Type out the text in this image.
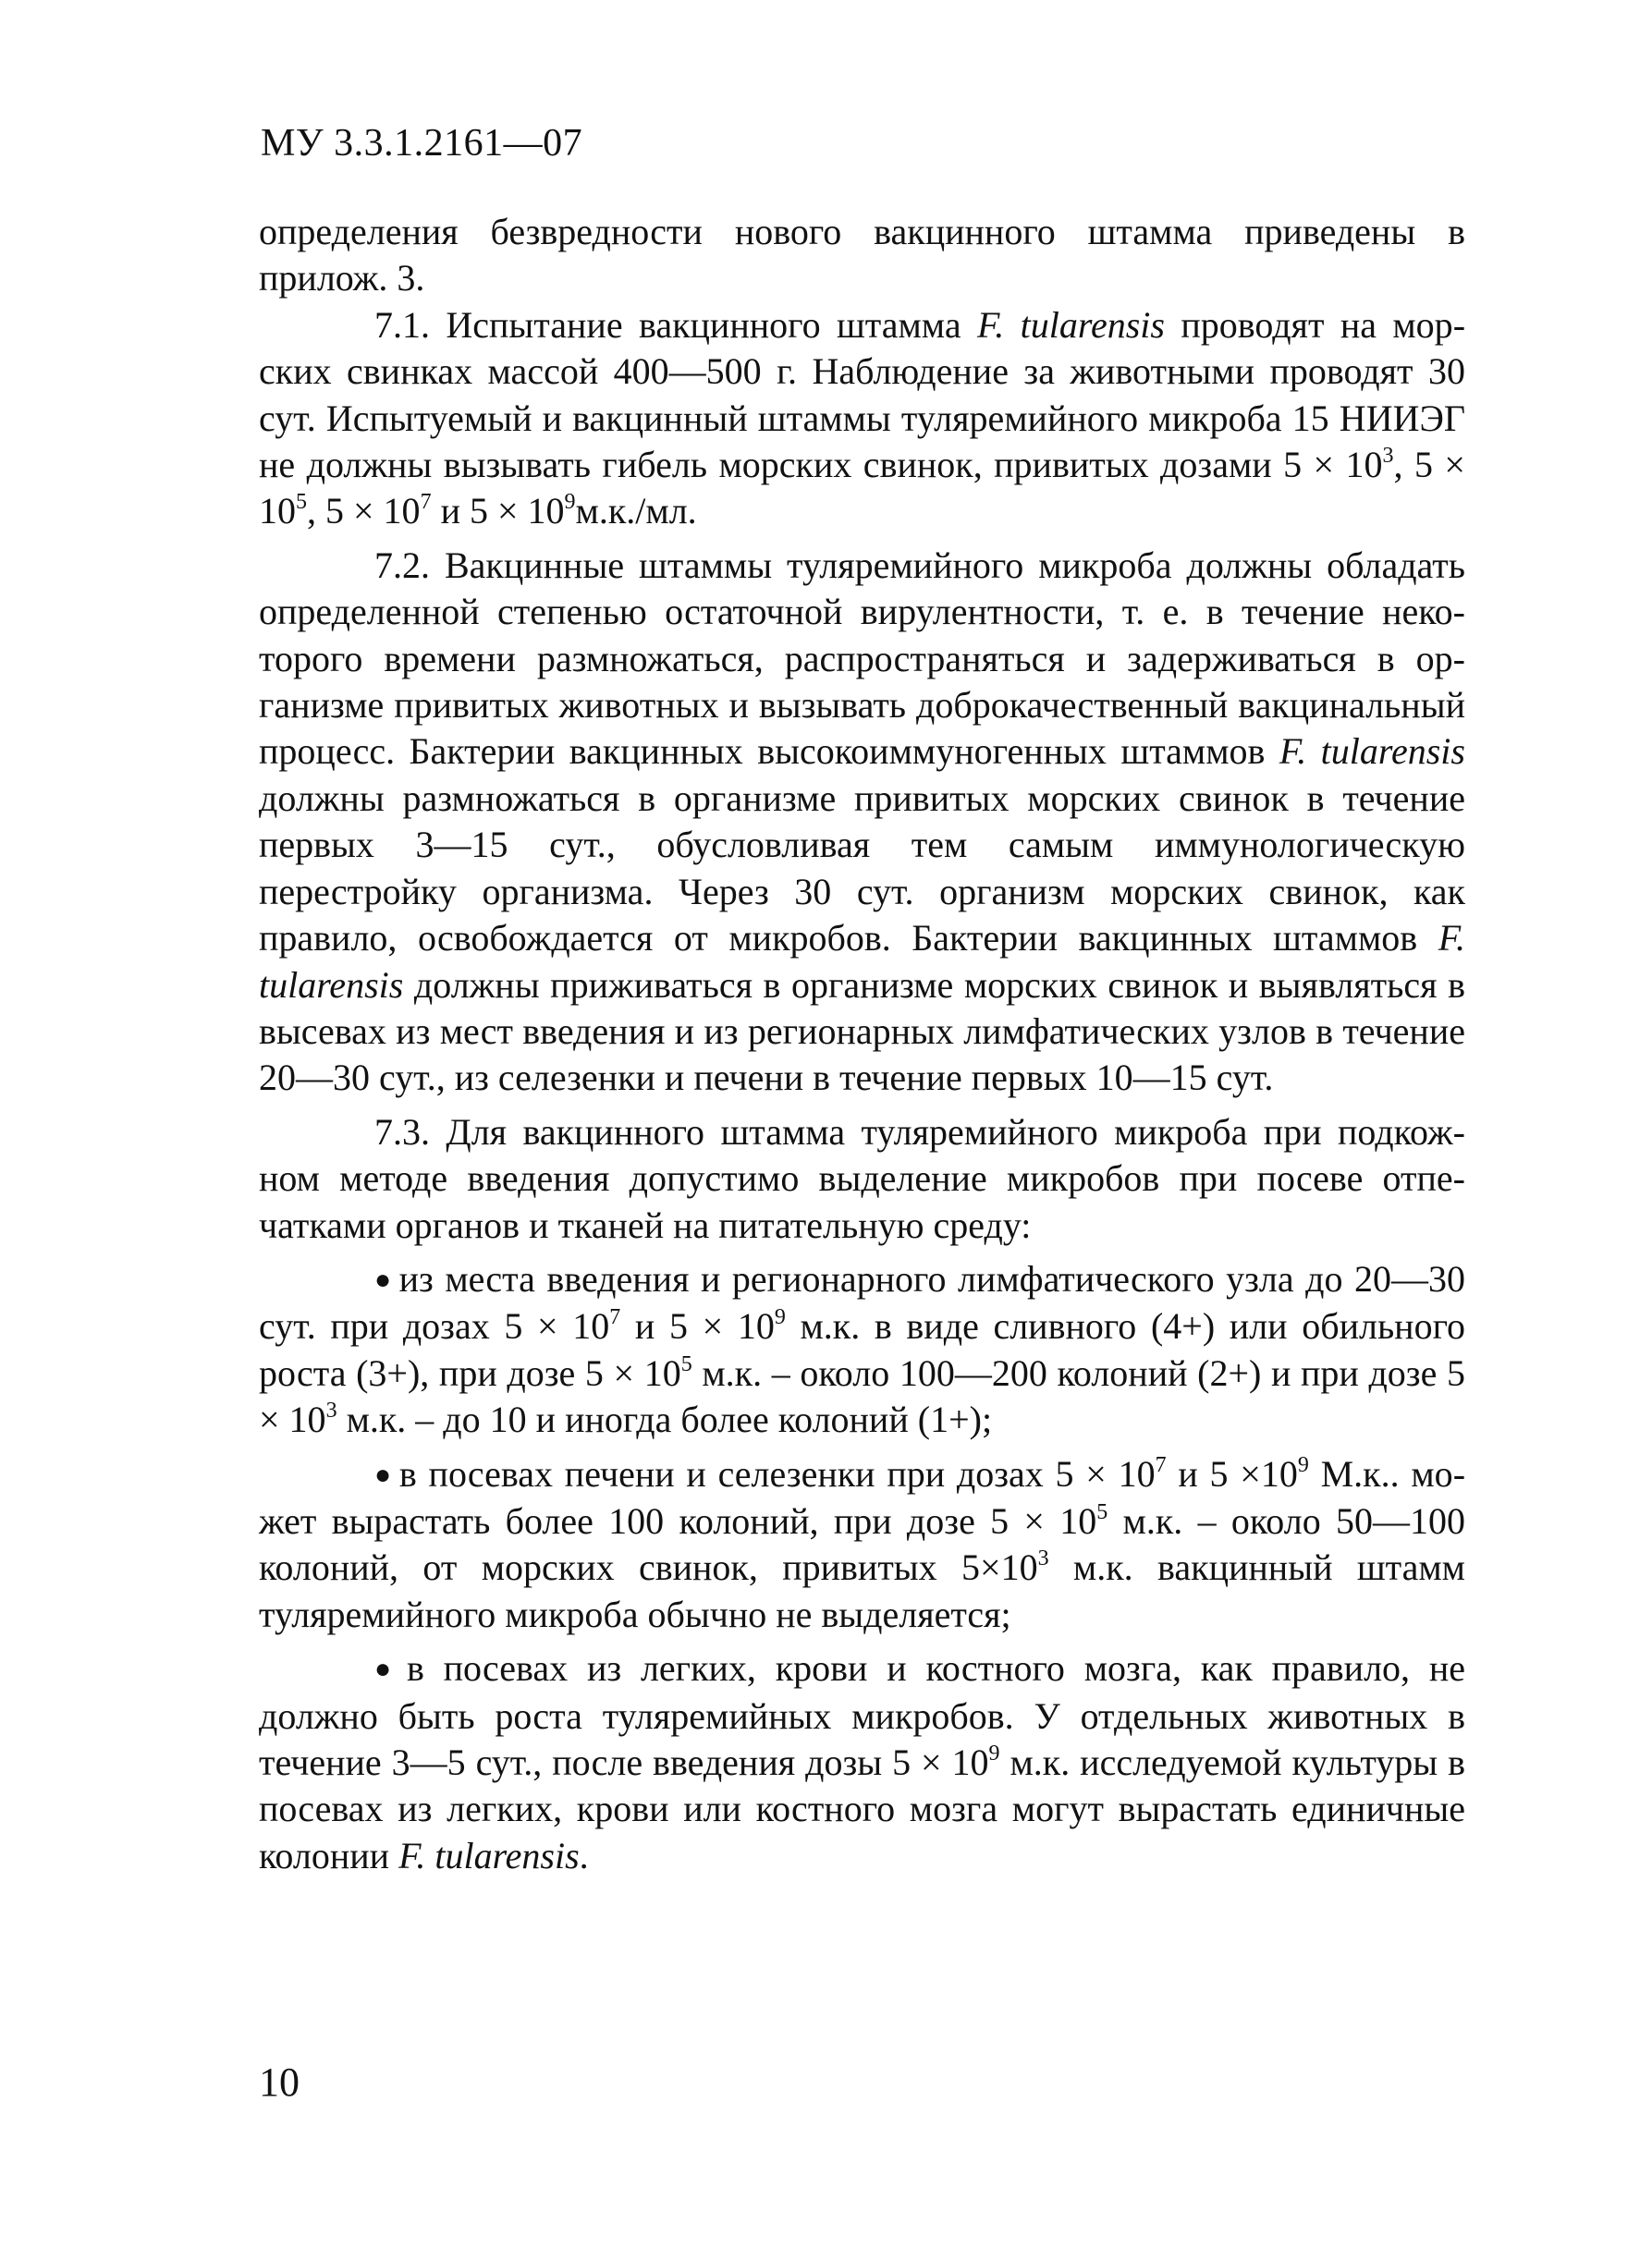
МУ 3.3.1.2161—07

определения безвредности нового вакцинного штамма приведены в прилож. 3.

7.1. Испытание вакцинного штамма F. tularensis проводят на морских свинках массой 400—500 г. Наблюдение за животными проводят 30 сут. Испытуемый и вакцинный штаммы туляремийного микроба 15 НИИЭГ не должны вызывать гибель морских свинок, привитых дозами $5 \times 10^3$, $5 \times 10^5$, $5 \times 10^7$ и $5 \times 10^9м.к./мл$.

7.2. Вакцинные штаммы туляремийного микроба должны обладать определенной степенью остаточной вирулентности, т. е. в течение некоторого времени размножаться, распространяться и задерживаться в организме привитых животных и вызывать доброкачественный вакцинальный процесс. Бактерии вакцинных высокоиммуногенных штаммов F. tularensis должны размножаться в организме привитых морских свинок в течение первых 3—15 сут., обусловливая тем самым иммунологическую перестройку организма. Через 30 сут. организм морских свинок, как правило, освобождается от микробов. Бактерии вакцинных штаммов F. tularensis должны приживаться в организме морских свинок и выявляться в высевах из мест введения и из регионарных лимфатических узлов в течение 20—30 сут., из селезенки и печени в течение первых 10—15 сут.

7.3. Для вакцинного штамма туляремийного микроба при подкожном методе введения допустимо выделение микробов при посеве отпечатками органов и тканей на питательную среду:

● из места введения и регионарного лимфатического узла до 20—30 сут. при дозах $5 \times 10^7$ и $5 \times 10^9$ м.к. в виде сливного (4+) или обильного роста (3+), при дозе $5 \times 10^5$ м.к. – около 100—200 колоний (2+) и при дозе $5 \times 10^3$ м.к. – до 10 и иногда более колоний (1+);

● в посевах печени и селезенки при дозах $5 \times 10^7$ и $5 \times 10^9$ М.к.. может вырастать более 100 колоний, при дозе $5 \times 10^5$ м.к. – около 50—100 колоний, от морских свинок, привитых $5\times 10^3$ м.к. вакцинный штамм туляремийного микроба обычно не выделяется;

● в посевах из легких, крови и костного мозга, как правило, не должно быть роста туляремийных микробов. У отдельных животных в течение 3—5 сут., после введения дозы $5 \times 10^9$ м.к. исследуемой культуры в посевах из легких, крови или костного мозга могут вырастать единичные колонии F. tularensis.

10
